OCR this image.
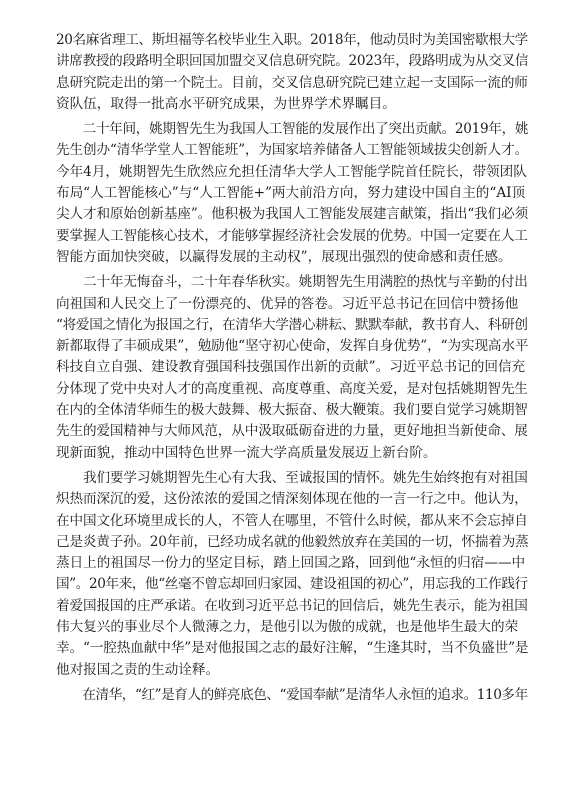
20名麻省理工、斯坦福等名校毕业生入职。2018年，他动员时为美国密歇根大学
讲席教授的段路明全职回国加盟交叉信息研究院。2023年，段路明成为从交叉信
息研究院走出的第一个院士。目前，交叉信息研究院已建立起一支国际一流的师
资队伍，取得一批高水平研究成果，为世界学术界瞩目。
　　二十年间，姚期智先生为我国人工智能的发展作出了突出贡献。2019年，姚
先生创办“清华学堂人工智能班”，为国家培养储备人工智能领域拔尖创新人才。
今年4月，姚期智先生欣然应允担任清华大学人工智能学院首任院长，带领团队
布局“人工智能核心”与“人工智能+”两大前沿方向，努力建设中国自主的“AI顶
尖人才和原始创新基座”。他积极为我国人工智能发展建言献策，指出“我们必须
要掌握人工智能核心技术，才能够掌握经济社会发展的优势。中国一定要在人工
智能方面加快突破，以赢得发展的主动权”，展现出强烈的使命感和责任感。
　　二十年无悔奋斗，二十年春华秋实。姚期智先生用满腔的热忱与辛勤的付出
向祖国和人民交上了一份漂亮的、优异的答卷。习近平总书记在回信中赞扬他
“将爱国之情化为报国之行，在清华大学潜心耕耘、默默奉献，教书育人、科研创
新都取得了丰硕成果”，勉励他“坚守初心使命，发挥自身优势”，“为实现高水平
科技自立自强、建设教育强国科技强国作出新的贡献”。习近平总书记的回信充
分体现了党中央对人才的高度重视、高度尊重、高度关爱，是对包括姚期智先生
在内的全体清华师生的极大鼓舞、极大振奋、极大鞭策。我们要自觉学习姚期智
先生的爱国精神与大师风范，从中汲取砥砺奋进的力量，更好地担当新使命、展
现新面貌，推动中国特色世界一流大学高质量发展迈上新台阶。
　　我们要学习姚期智先生心有大我、至诚报国的情怀。姚先生始终抱有对祖国
炽热而深沉的爱，这份浓浓的爱国之情深刻体现在他的一言一行之中。他认为，
在中国文化环境里成长的人，不管人在哪里，不管什么时候，都从来不会忘掉自
己是炎黄子孙。20年前，已经功成名就的他毅然放弃在美国的一切，怀揣着为蒸
蒸日上的祖国尽一份力的坚定目标，踏上回国之路，回到他“永恒的归宿——中
国”。20年来，他“丝毫不曾忘却回归家园、建设祖国的初心”，用忘我的工作践行
着爱国报国的庄严承诺。在收到习近平总书记的回信后，姚先生表示，能为祖国
伟大复兴的事业尽个人微薄之力，是他引以为傲的成就，也是他毕生最大的荣
幸。“一腔热血献中华”是对他报国之志的最好注解，“生逢其时，当不负盛世”是
他对报国之责的生动诠释。
　　在清华，“红”是育人的鲜亮底色、“爱国奉献”是清华人永恒的追求。110多年
